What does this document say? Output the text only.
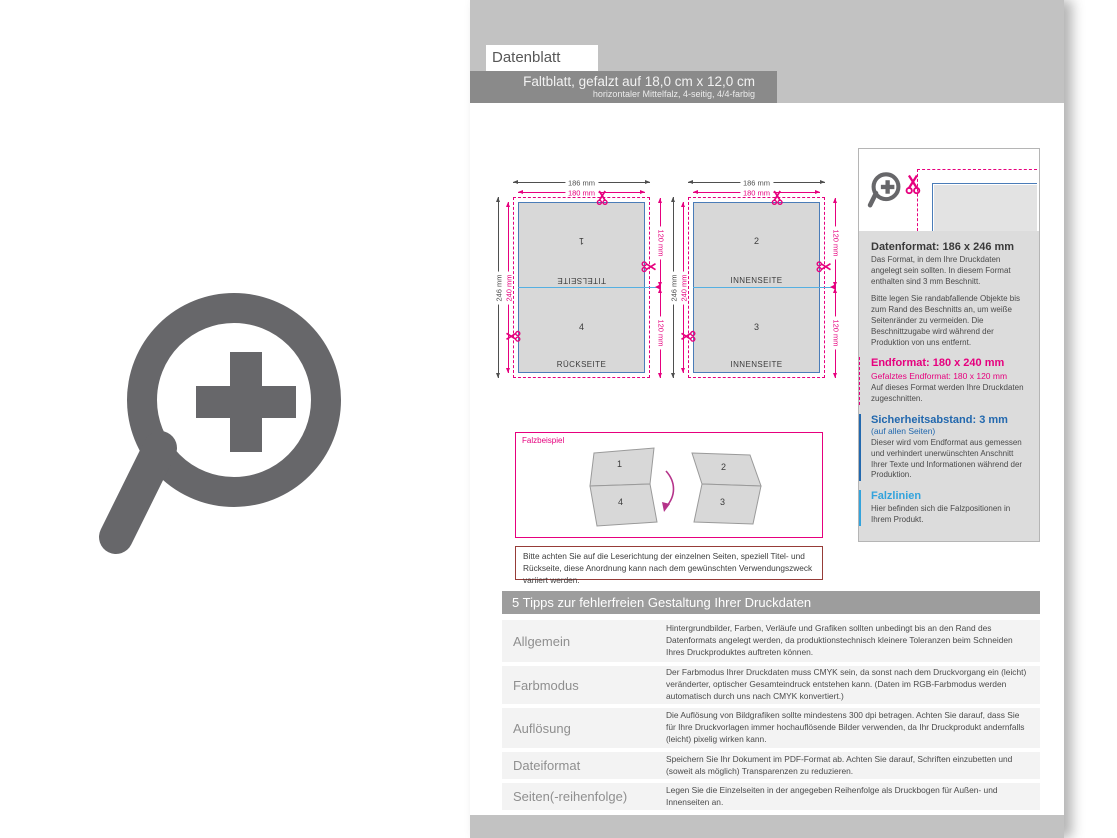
Datenblatt
Faltblatt, gefalzt auf 18,0 cm x 12,0 cm
horizontaler Mittelfalz, 4-seitig, 4/4-farbig
186 mm
180 mm
246 mm 240 mm
120 mm
120 mm
1
TITELSEITE
4
RÜCKSEITE
186 mm
180 mm
246 mm 240 mm
120 mm
120 mm
2
INNENSEITE
3
INNENSEITE
Falzbeispiel
1
4
2
3
Bitte achten Sie auf die Leserichtung der einzelnen Seiten, speziell Titel- und Rückseite, diese Anordnung kann nach dem gewünschten Verwendungszweck variiert werden.
Datenformat: 186 x 246 mm

Das Format, in dem Ihre Druckdaten angelegt sein sollten. In diesem Format enthalten sind 3 mm Beschnitt.

Bitte legen Sie randabfallende Objekte bis zum Rand des Beschnitts an, um weiße Seitenränder zu vermeiden. Die Beschnittzugabe wird während der Produktion von uns entfernt.

Endformat: 180 x 240 mm
Gefalztes Endformat: 180 x 120 mm

Auf dieses Format werden Ihre Druckdaten zugeschnitten.

Sicherheitsabstand: 3 mm
(auf allen Seiten)

Dieser wird vom Endformat aus gemessen und verhindert unerwünschten Anschnitt Ihrer Texte und Informationen während der Produktion.

Falzlinien

Hier befinden sich die Falzpositionen in Ihrem Produkt.

5 Tipps zur fehlerfreien Gestaltung Ihrer Druckdaten
Allgemein
Hintergrundbilder, Farben, Verläufe und Grafiken sollten unbedingt bis an den Rand des Datenformats angelegt werden, da produktionstechnisch kleinere Toleranzen beim Schneiden Ihres Druckproduktes auftreten können.
Farbmodus
Der Farbmodus Ihrer Druckdaten muss CMYK sein, da sonst nach dem Druckvorgang ein (leicht) veränderter, optischer Gesamteindruck entstehen kann. (Daten im RGB-Farbmodus werden automatisch durch uns nach CMYK konvertiert.)
Auflösung
Die Auflösung von Bildgrafiken sollte mindestens 300 dpi betragen. Achten Sie darauf, dass Sie für Ihre Druckvorlagen immer hochauflösende Bilder verwenden, da Ihr Druckprodukt andernfalls (leicht) pixelig wirken kann.
Dateiformat	Speichern Sie Ihr Dokument im PDF-Format ab. Achten Sie darauf, Schriften einzubetten und (soweit als möglich) Transparenzen zu reduzieren.
Seiten(-reihenfolge)	Legen Sie die Einzelseiten in der angegeben Reihenfolge als Druckbogen für Außen- und Innenseiten an.
